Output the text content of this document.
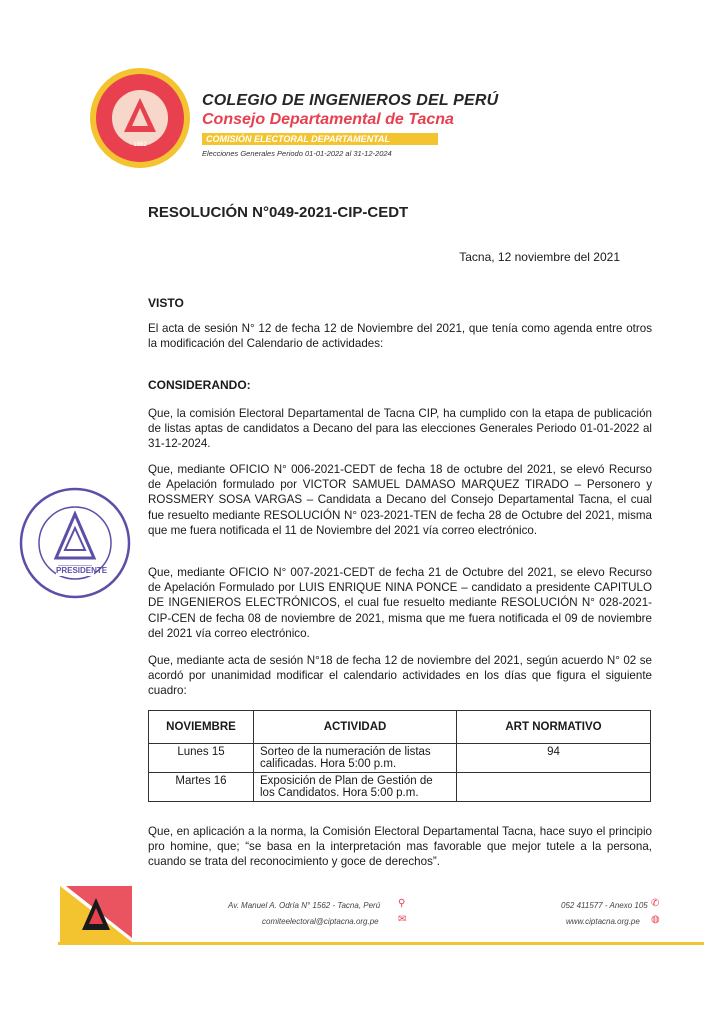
· 1962 ·
COLEGIO DE INGENIEROS DEL PERÚ
Consejo Departamental de Tacna
COMISIÓN ELECTORAL DEPARTAMENTAL
Elecciones Generales Periodo 01-01-2022 al 31-12-2024
RESOLUCIÓN N°049-2021-CIP-CEDT
Tacna, 12 noviembre del 2021
VISTO
El acta de sesión N° 12 de fecha 12 de Noviembre del 2021, que tenía como agenda entre otros la modificación del Calendario de actividades:
CONSIDERANDO:
Que, la comisión Electoral Departamental de Tacna CIP, ha cumplido con la etapa de publicación de listas aptas de candidatos a Decano del para las elecciones Generales Periodo 01-01-2022 al 31-12-2024.
Que, mediante OFICIO N° 006-2021-CEDT de fecha 18 de octubre del 2021, se elevó Recurso de Apelación formulado por VICTOR SAMUEL DAMASO MARQUEZ TIRADO – Personero y ROSSMERY SOSA VARGAS – Candidata a Decano del Consejo Departamental Tacna, el cual fue resuelto mediante RESOLUCIÓN N° 023-2021-TEN de fecha 28 de Octubre del 2021, misma que me fuera notificada el 11 de Noviembre del 2021 vía correo electrónico.
Que, mediante OFICIO N° 007-2021-CEDT de fecha 21 de Octubre del 2021, se elevo Recurso de Apelación Formulado por LUIS ENRIQUE NINA PONCE – candidato a presidente CAPITULO DE INGENIEROS ELECTRÓNICOS, el cual fue resuelto mediante RESOLUCIÓN N° 028-2021-CIP-CEN de fecha 08 de noviembre de 2021, misma que me fuera notificada el 09 de noviembre del 2021 vía correo electrónico.
Que, mediante acta de sesión N°18 de fecha 12 de noviembre del 2021, según acuerdo N° 02 se acordó por unanimidad modificar el calendario actividades en los días que figura el siguiente cuadro:
NOVIEMBRE	ACTIVIDAD	ART NORMATIVO
Lunes 15	Sorteo de la numeración de listas calificadas. Hora 5:00 p.m.	94
Martes 16	Exposición de Plan de Gestión de los Candidatos. Hora 5:00 p.m.	
Que, en aplicación a la norma, la Comisión Electoral Departamental Tacna, hace suyo el principio pro homine, que; “se basa en la interpretación mas favorable que mejor tutele a la persona, cuando se trata del reconocimiento y goce de derechos”.
PRESIDENTE
Av. Manuel A. Odría N° 1562 - Tacna, Perú ⚲
comiteelectoral@ciptacna.org.pe ✉
052 411577 - Anexo 105 ✆
www.ciptacna.org.pe ◍
